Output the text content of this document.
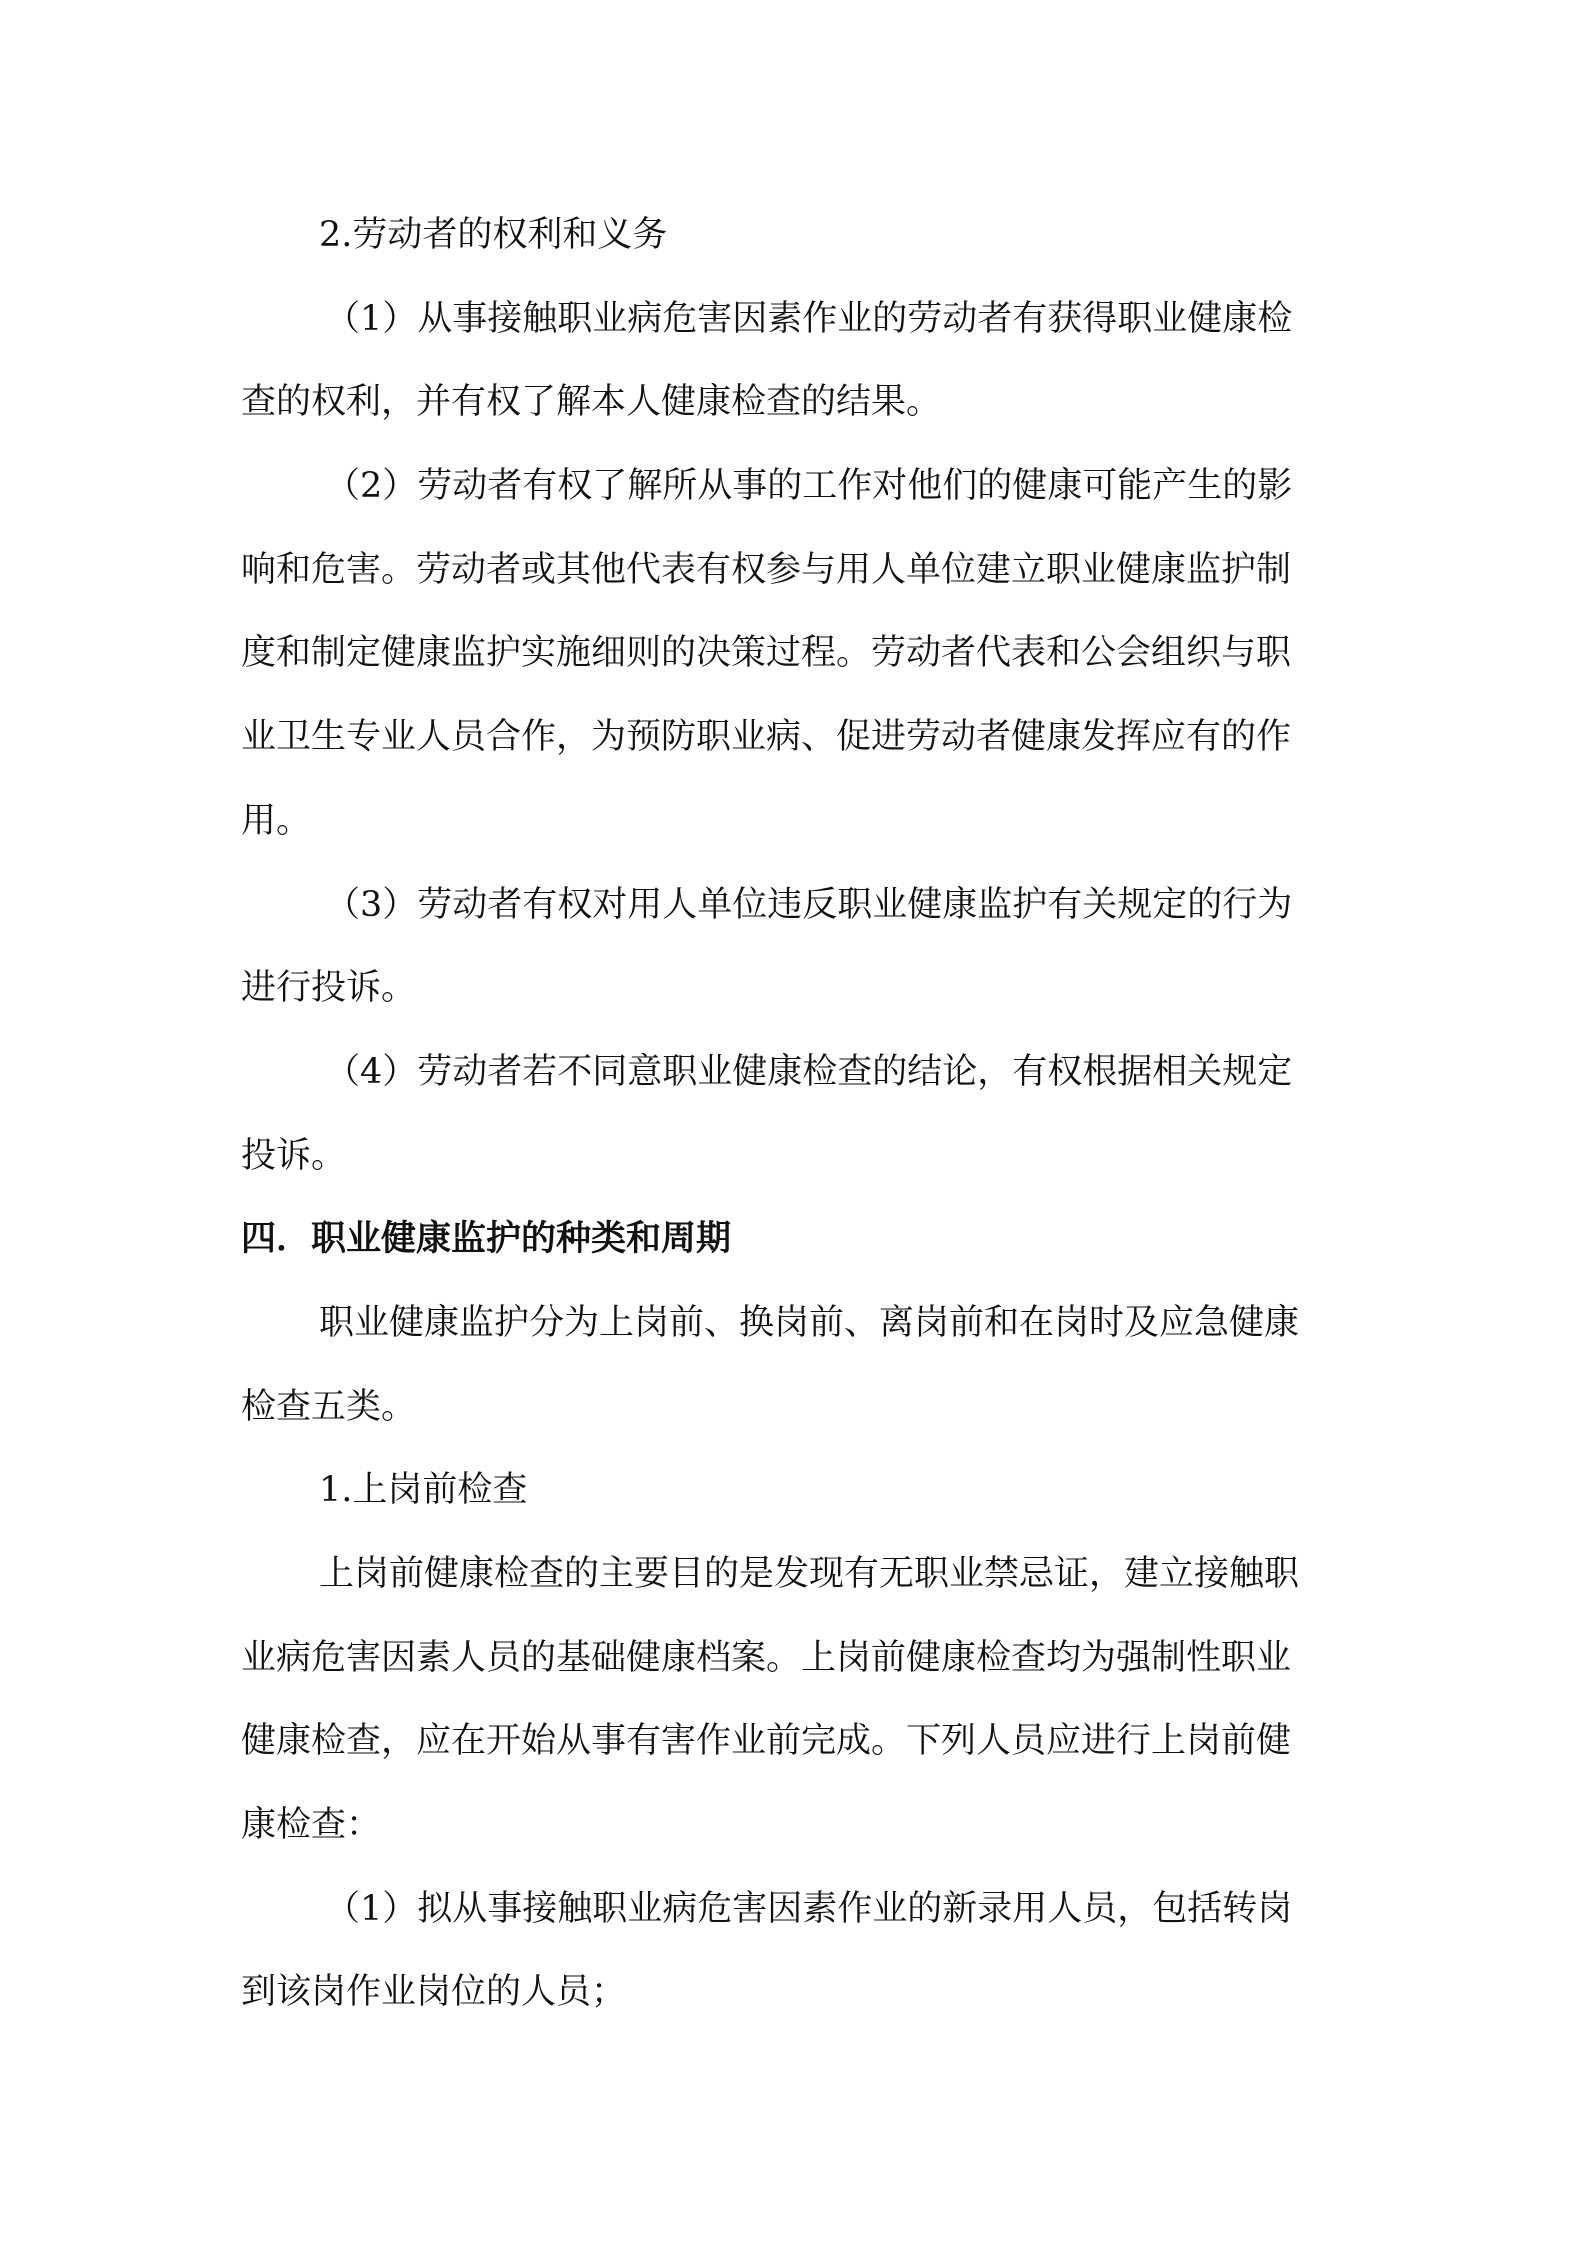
2.劳动者的权利和义务
（1）从事接触职业病危害因素作业的劳动者有获得职业健康检
查的权利，并有权了解本人健康检查的结果。
（2）劳动者有权了解所从事的工作对他们的健康可能产生的影
响和危害。劳动者或其他代表有权参与用人单位建立职业健康监护制
度和制定健康监护实施细则的决策过程。劳动者代表和公会组织与职
业卫生专业人员合作，为预防职业病、促进劳动者健康发挥应有的作
用。
（3）劳动者有权对用人单位违反职业健康监护有关规定的行为
进行投诉。
（4）劳动者若不同意职业健康检查的结论，有权根据相关规定
投诉。
四．职业健康监护的种类和周期
职业健康监护分为上岗前、换岗前、离岗前和在岗时及应急健康
检查五类。
1.上岗前检查
上岗前健康检查的主要目的是发现有无职业禁忌证，建立接触职
业病危害因素人员的基础健康档案。上岗前健康检查均为强制性职业
健康检查，应在开始从事有害作业前完成。下列人员应进行上岗前健
康检查：
（1）拟从事接触职业病危害因素作业的新录用人员，包括转岗
到该岗作业岗位的人员；
